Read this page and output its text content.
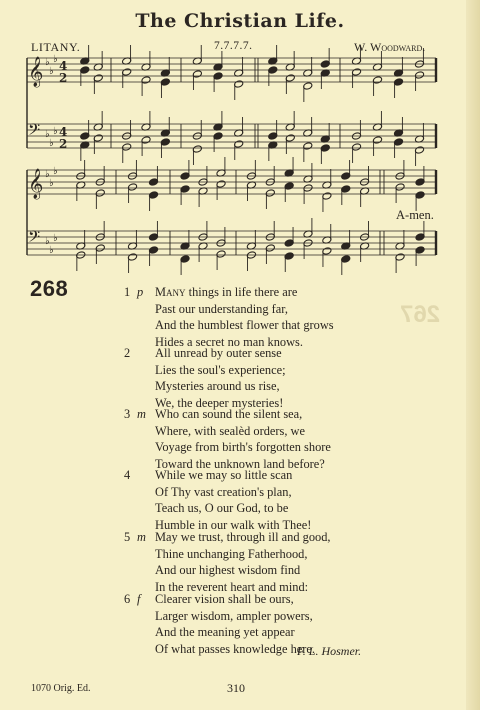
The Christian Life.
LITANY.	7.7.7.7.	W. Woodward.
𝄞 ♭
♭
♭ 4
2
𝄢 ♭
♭
♭ 4
2
𝄞 ♭
♭
♭
𝄢 ♭
♭
♭
A-men.
268
267
1 p Many things in life there are
Past our understanding far,
And the humblest flower that grows
Hides a secret no man knows.
2	All unread by outer sense
Lies the soul's experience;
Mysteries around us rise,
We, the deeper mysteries!
3 m Who can sound the silent sea,
Where, with sealèd orders, we
Voyage from birth's forgotten shore
Toward the unknown land before?
4	While we may so little scan
Of Thy vast creation's plan,
Teach us, O our God, to be
Humble in our walk with Thee!
5 m May we trust, through ill and good,
Thine unchanging Fatherhood,
And our highest wisdom find
In the reverent heart and mind:
6 f Clearer vision shall be ours,
Larger wisdom, ampler powers,
And the meaning yet appear
Of what passes knowledge here.
F. L. Hosmer.
1070 Orig. Ed.	310
